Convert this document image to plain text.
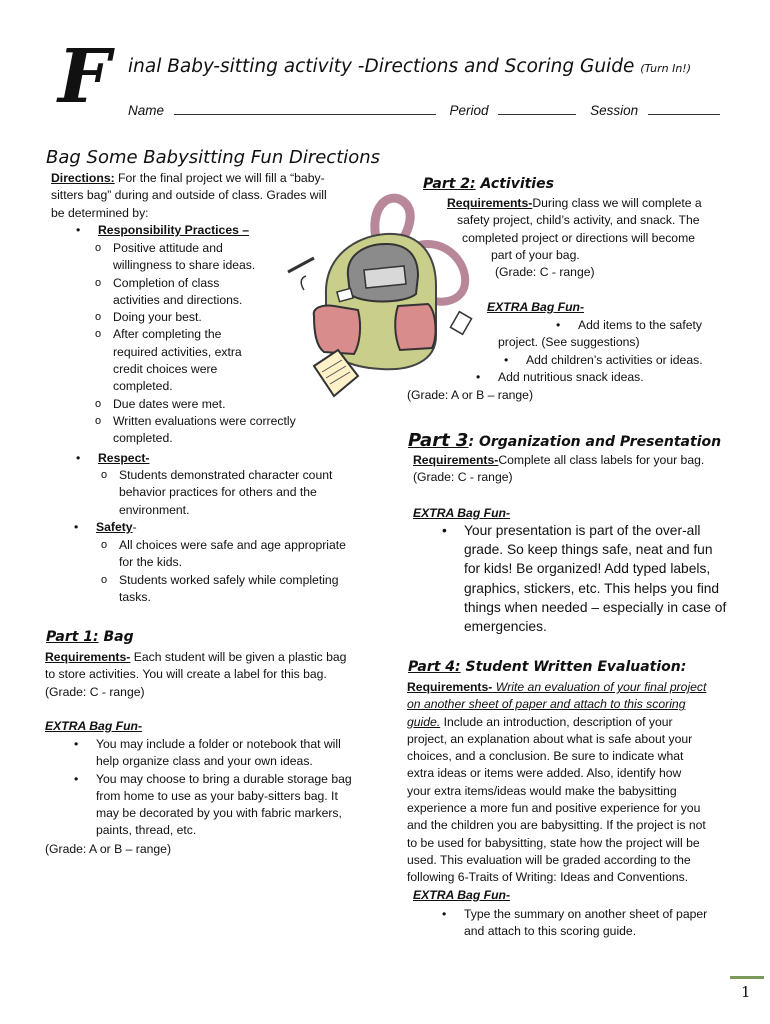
F inal Baby-sitting activity -Directions and Scoring Guide (Turn In!)
Name	Period	Session
Bag Some Babysitting Fun Directions
Directions: For the final project we will fill a “baby-
sitters bag” during and outside of class. Grades will
be determined by:
• Responsibility Practices –
o Positive attitude and
willingness to share ideas.
o Completion of class
activities and directions.
o Doing your best.
o After completing the
required activities, extra
credit choices were
completed.
o Due dates were met.
o Written evaluations were correctly
completed.
• Respect-
o Students demonstrated character count
behavior practices for others and the
environment.
• Safety-
o All choices were safe and age appropriate
for the kids.
o Students worked safely while completing
tasks.
Part 1: Bag
Requirements- Each student will be given a plastic bag
to store activities. You will create a label for this bag.
(Grade: C - range)
EXTRA Bag Fun-
• You may include a folder or notebook that will
help organize class and your own ideas.
• You may choose to bring a durable storage bag
from home to use as your baby-sitters bag. It
may be decorated by you with fabric markers,
paints, thread, etc.
(Grade: A or B – range)
Part 2: Activities
Requirements-During class we will complete a
safety project, child’s activity, and snack. The
completed project or directions will become
part of your bag.
(Grade: C - range)
EXTRA Bag Fun-
• Add items to the safety
project. (See suggestions)
• Add children’s activities or ideas.
• Add nutritious snack ideas.
(Grade: A or B – range)
Part 3: Organization and Presentation
Requirements-Complete all class labels for your bag.
(Grade: C - range)
EXTRA Bag Fun-
• Your presentation is part of the over-all
grade. So keep things safe, neat and fun
for kids! Be organized! Add typed labels,
graphics, stickers, etc. This helps you find
things when needed – especially in case of
emergencies.
Part 4: Student Written Evaluation:
Requirements- Write an evaluation of your final project
on another sheet of paper and attach to this scoring
guide. Include an introduction, description of your
project, an explanation about what is safe about your
choices, and a conclusion. Be sure to indicate what
extra ideas or items were added. Also, identify how
your extra items/ideas would make the babysitting
experience a more fun and positive experience for you
and the children you are babysitting. If the project is not
to be used for babysitting, state how the project will be
used. This evaluation will be graded according to the
following 6-Traits of Writing: Ideas and Conventions.
EXTRA Bag Fun-
• Type the summary on another sheet of paper
and attach to this scoring guide.
1
